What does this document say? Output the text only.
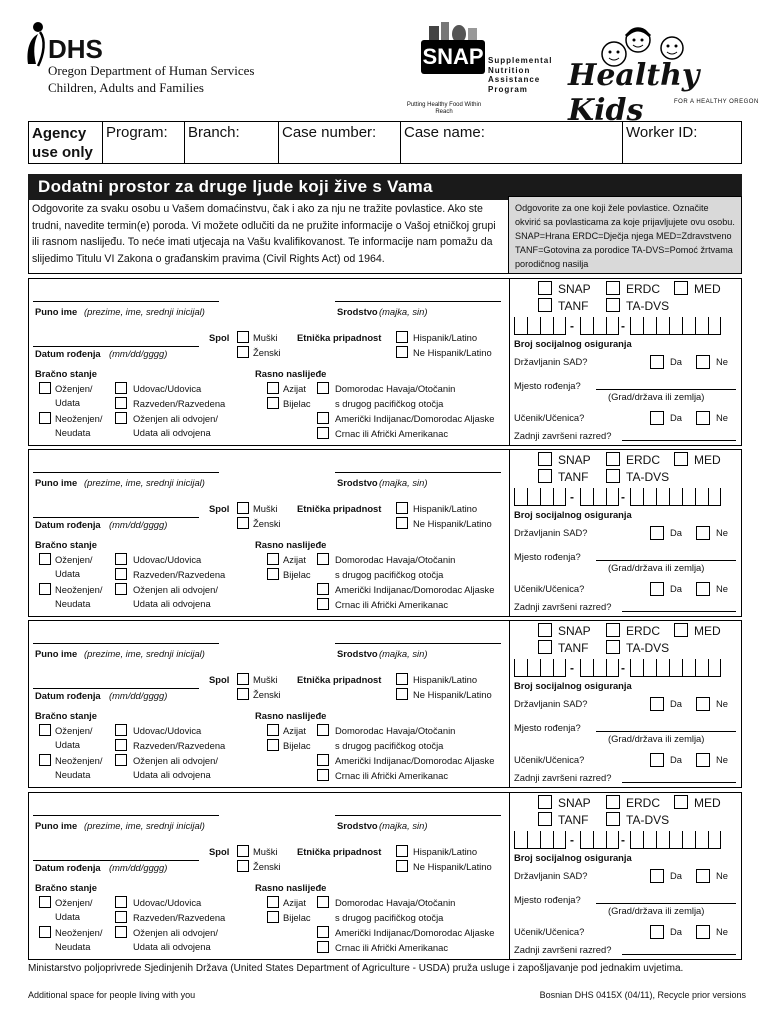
DHS
Oregon Department of Human Services
Children, Adults and Families
SNAP Supplemental
Nutrition
Assistance
Program
Putting Healthy Food Within Reach
Healthy Kids	FOR A HEALTHY OREGON
Agency use only
Program:	Branch:	Case number:	Case name:	Worker ID:
Dodatni prostor za druge ljude koji žive s Vama
Odgovorite za svaku osobu u Vašem domaćinstvu, čak i ako za nju ne tražite povlastice. Ako ste trudni, navedite termin(e) poroda. Vi možete odlučiti da ne pružite informacije o Vašoj etničkoj grupi ili rasnom naslijeđu. To neće imati utjecaja na Vašu kvalifikovanost. Te informacije nam pomažu da slijedimo Titulu VI Zakona o građanskim pravima (Civil Rights Act) od 1964.
Odgovorite za one koji žele povlastice. Označite okvirić sa povlasticama za koje prijavljujete ovu osobu. SNAP=Hrana ERDC=Dječja njega MED=Zdravstveno TANF=Gotovina za porodice TA-DVS=Pomoć žrtvama porodičnog nasilja
Puno ime (prezime, ime, srednji inicijal)	Srodstvo (majka, sin)
Spol	Muški
Ženski
Etnička pripadnost	Hispanik/Latino
Ne Hispanik/Latino
Datum rođenja (mm/dd/gggg)
Bračno stanje
Oženjen/
Udata
Neoženjen/
Neudata
Udovac/Udovica
Razveden/Razvedena
Oženjen ali odvojen/
Udata ali odvojena
Rasno naslijeđe
Azijat
Bijelac
Domorodac Havaja/Otočanin
s drugog pacifičkog otočja
Američki Indijanac/Domorodac Aljaske
Crnac ili Afrički Amerikanac
SNAP	ERDC	MED
TANF	TA-DVS
-	-
Broj socijalnog osiguranja
Državljanin SAD?	Da	Ne
Mjesto rođenja?
(Grad/država ili zemlja)
Učenik/Učenica?	Da	Ne
Zadnji završeni razred?
Puno ime (prezime, ime, srednji inicijal)	Srodstvo (majka, sin)
Spol	Muški
Ženski
Etnička pripadnost	Hispanik/Latino
Ne Hispanik/Latino
Datum rođenja (mm/dd/gggg)
Bračno stanje
Oženjen/
Udata
Neoženjen/
Neudata
Udovac/Udovica
Razveden/Razvedena
Oženjen ali odvojen/
Udata ali odvojena
Rasno naslijeđe
Azijat
Bijelac
Domorodac Havaja/Otočanin
s drugog pacifičkog otočja
Američki Indijanac/Domorodac Aljaske
Crnac ili Afrički Amerikanac
SNAP	ERDC	MED
TANF	TA-DVS
-	-
Broj socijalnog osiguranja
Državljanin SAD?	Da	Ne
Mjesto rođenja?
(Grad/država ili zemlja)
Učenik/Učenica?	Da	Ne
Zadnji završeni razred?
Puno ime (prezime, ime, srednji inicijal)	Srodstvo (majka, sin)
Spol	Muški
Ženski
Etnička pripadnost	Hispanik/Latino
Ne Hispanik/Latino
Datum rođenja (mm/dd/gggg)
Bračno stanje
Oženjen/
Udata
Neoženjen/
Neudata
Udovac/Udovica
Razveden/Razvedena
Oženjen ali odvojen/
Udata ali odvojena
Rasno naslijeđe
Azijat
Bijelac
Domorodac Havaja/Otočanin
s drugog pacifičkog otočja
Američki Indijanac/Domorodac Aljaske
Crnac ili Afrički Amerikanac
SNAP	ERDC	MED
TANF	TA-DVS
-	-
Broj socijalnog osiguranja
Državljanin SAD?	Da	Ne
Mjesto rođenja?
(Grad/država ili zemlja)
Učenik/Učenica?	Da	Ne
Zadnji završeni razred?
Puno ime (prezime, ime, srednji inicijal)	Srodstvo (majka, sin)
Spol	Muški
Ženski
Etnička pripadnost	Hispanik/Latino
Ne Hispanik/Latino
Datum rođenja (mm/dd/gggg)
Bračno stanje
Oženjen/
Udata
Neoženjen/
Neudata
Udovac/Udovica
Razveden/Razvedena
Oženjen ali odvojen/
Udata ali odvojena
Rasno naslijeđe
Azijat
Bijelac
Domorodac Havaja/Otočanin
s drugog pacifičkog otočja
Američki Indijanac/Domorodac Aljaske
Crnac ili Afrički Amerikanac
SNAP	ERDC	MED
TANF	TA-DVS
-	-
Broj socijalnog osiguranja
Državljanin SAD?	Da	Ne
Mjesto rođenja?
(Grad/država ili zemlja)
Učenik/Učenica?	Da	Ne
Zadnji završeni razred?
Ministarstvo poljoprivrede Sjedinjenih Država (United States Department of Agriculture - USDA) pruža usluge i zapošljavanje pod jednakim uvjetima.
Additional space for people living with you	Bosnian DHS 0415X (04/11), Recycle prior versions
